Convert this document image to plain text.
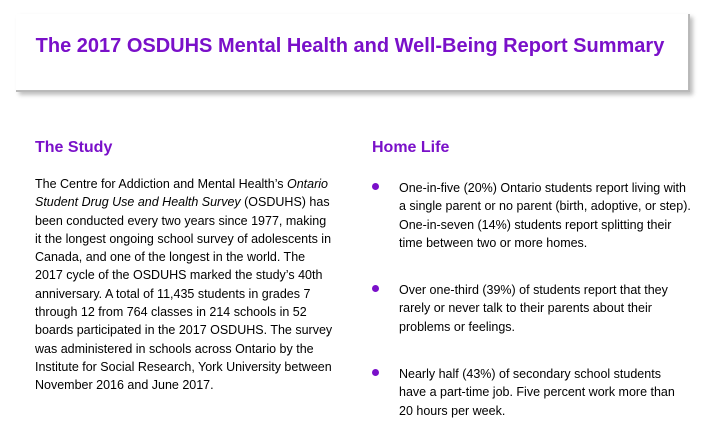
The 2017 OSDUHS Mental Health and Well-Being Report Summary
The Study

The Centre for Addiction and Mental Health’s Ontario Student Drug Use and Health Survey (OSDUHS) has been conducted every two years since 1977, making it the longest ongoing school survey of adolescents in Canada, and one of the longest in the world. The 2017 cycle of the OSDUHS marked the study’s 40th anniversary. A total of 11,435 students in grades 7 through 12 from 764 classes in 214 schools in 52 boards participated in the 2017 OSDUHS. The survey was administered in schools across Ontario by the Institute for Social Research, York University between November 2016 and June 2017.

Home Life
One-in-five (20%) Ontario students report living with a single parent or no parent (birth, adoptive, or step). One-in-seven (14%) students report splitting their time between two or more homes.
Over one-third (39%) of students report that they rarely or never talk to their parents about their problems or feelings.
Nearly half (43%) of secondary school students have a part-time job. Five percent work more than 20 hours per week.
